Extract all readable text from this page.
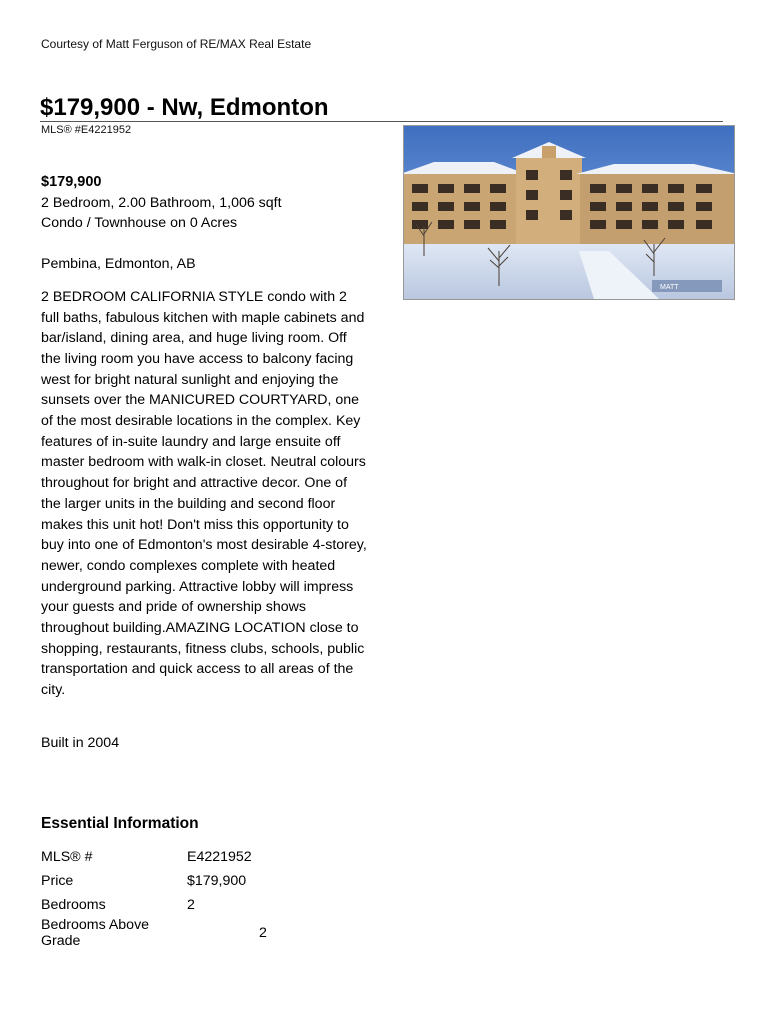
Courtesy of Matt Ferguson of RE/MAX Real Estate
$179,900 - Nw, Edmonton
MLS® #E4221952
$179,900
2 Bedroom, 2.00 Bathroom, 1,006 sqft
Condo / Townhouse on 0 Acres
Pembina, Edmonton, AB
2 BEDROOM CALIFORNIA STYLE condo with 2 full baths, fabulous kitchen with maple cabinets and bar/island, dining area, and huge living room. Off the living room you have access to balcony facing west for bright natural sunlight and enjoying the sunsets over the MANICURED COURTYARD, one of the most desirable locations in the complex. Key features of in-suite laundry and large ensuite off master bedroom with walk-in closet. Neutral colours throughout for bright and attractive decor. One of the larger units in the building and second floor makes this unit hot! Don't miss this opportunity to buy into one of Edmonton's most desirable 4-storey, newer, condo complexes complete with heated underground parking. Attractive lobby will impress your guests and pride of ownership shows throughout building.AMAZING LOCATION close to shopping, restaurants, fitness clubs, schools, public transportation and quick access to all areas of the city.
Built in 2004
MATT
Essential Information
MLS® #	E4221952
Price	$179,900
Bedrooms	2
Bedrooms Above Grade	2
